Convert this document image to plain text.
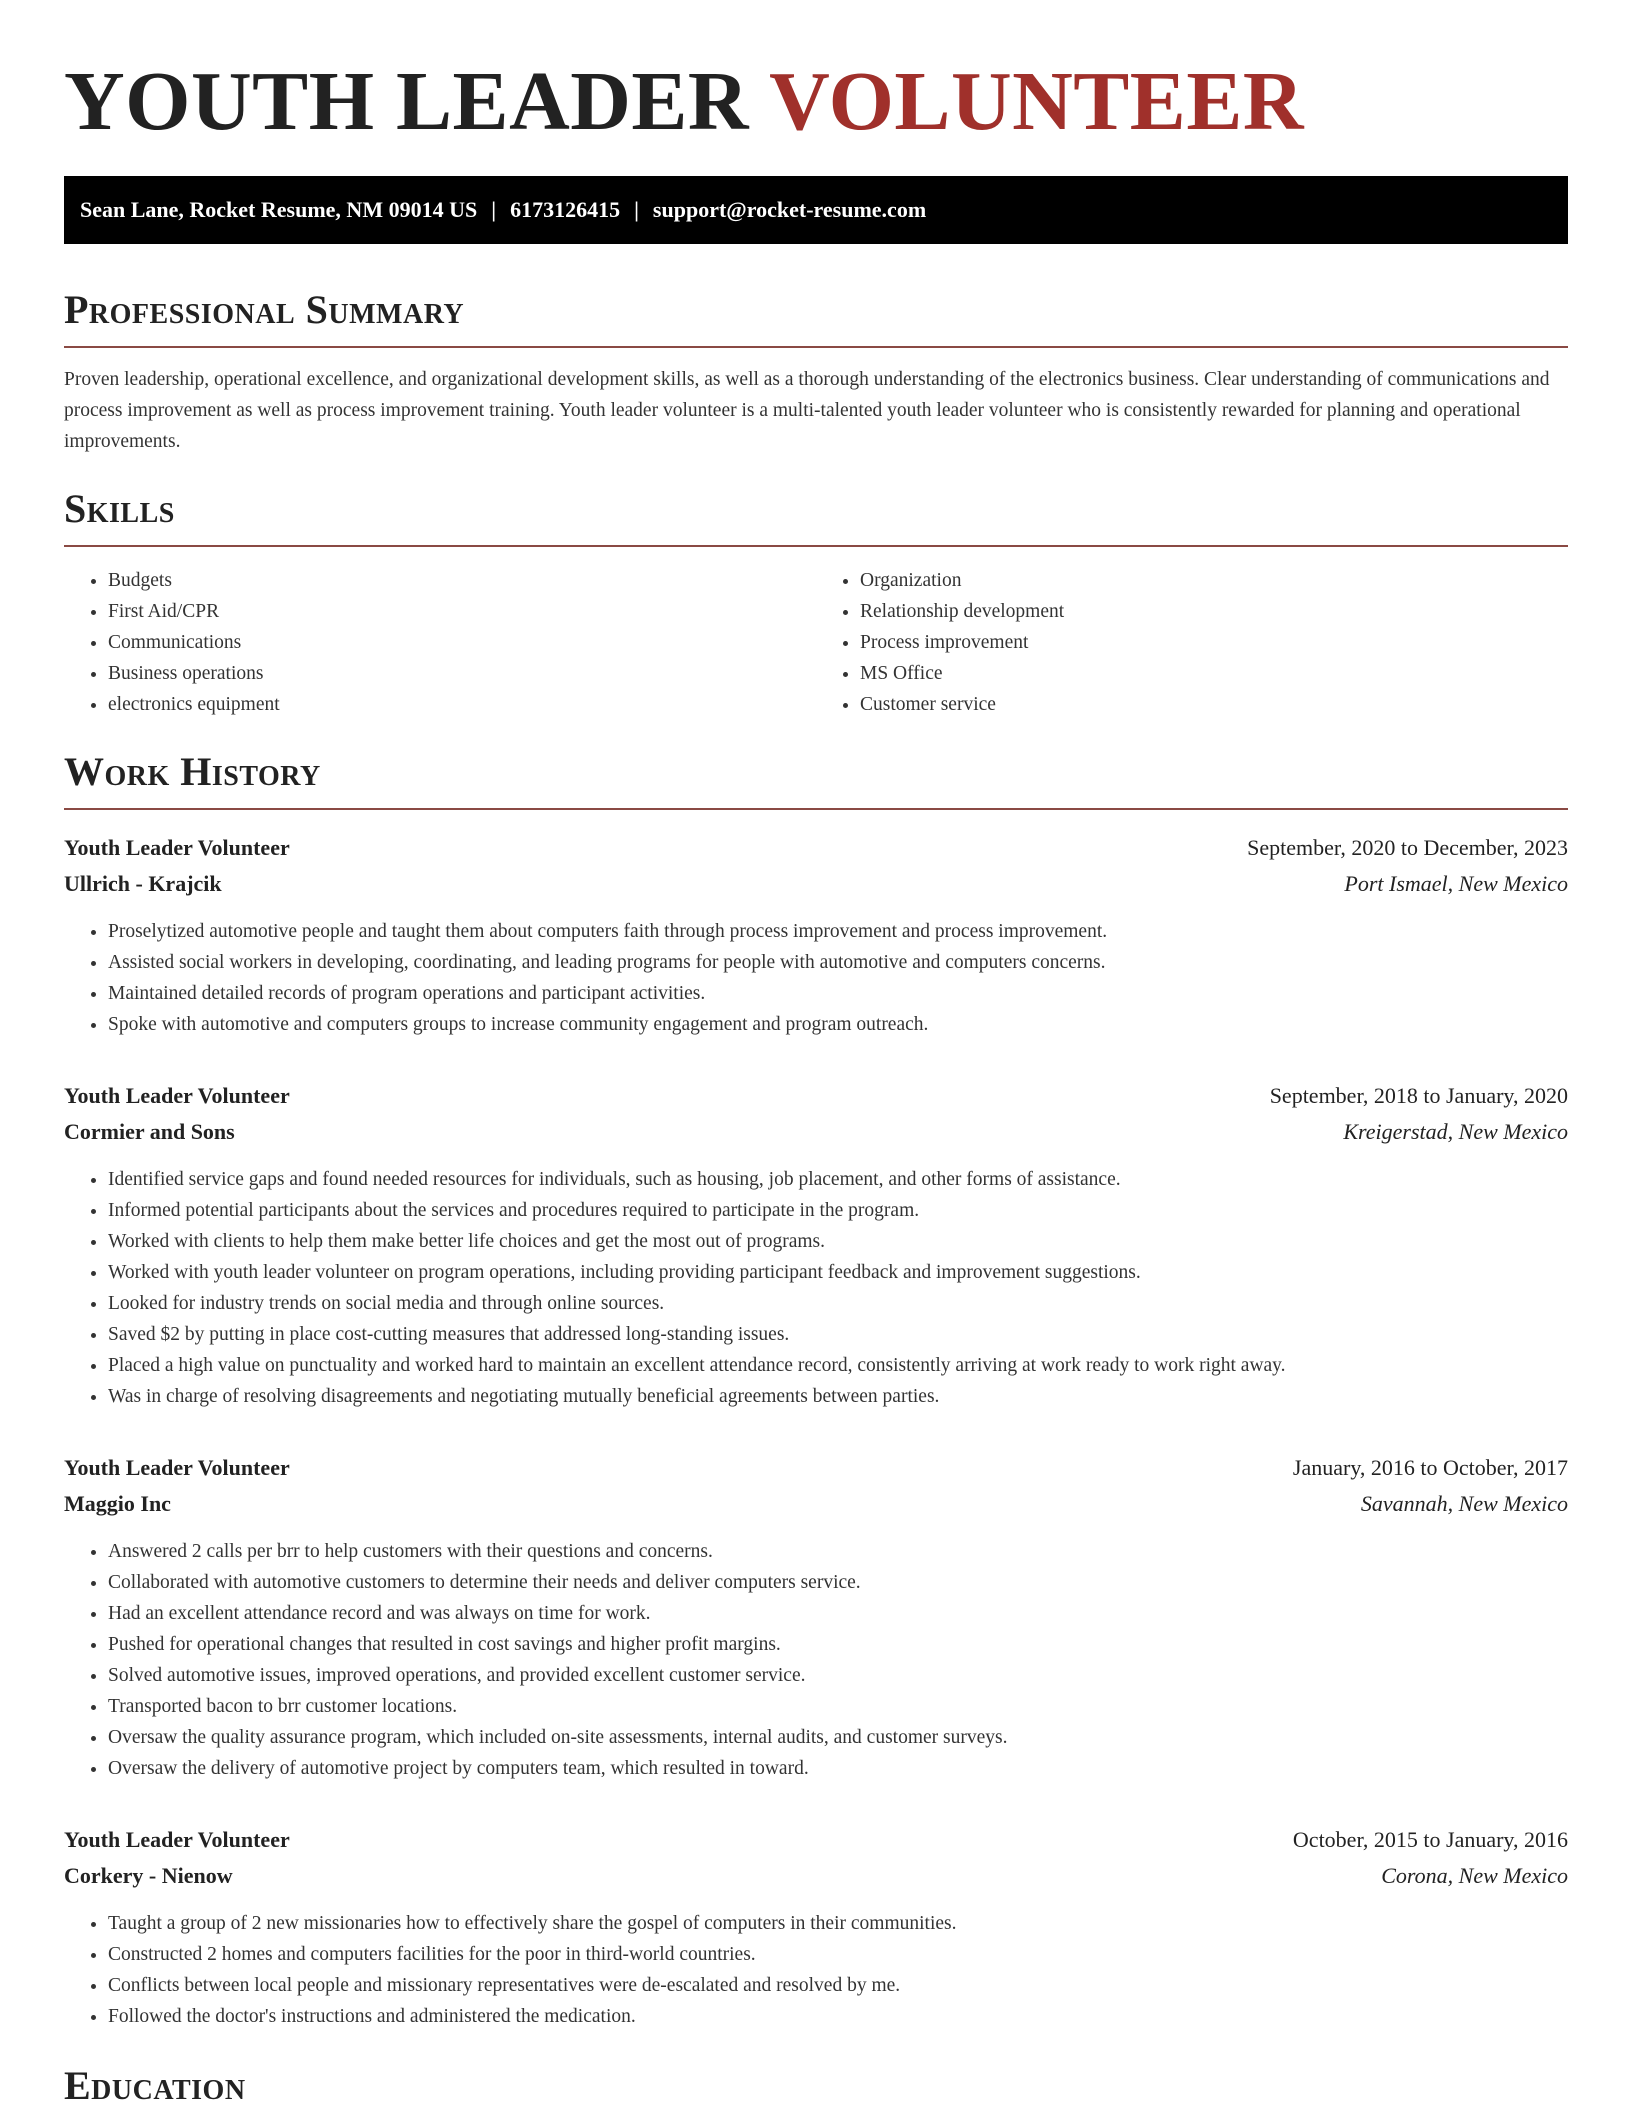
YOUTH LEADER VOLUNTEER
Sean Lane, Rocket Resume, NM 09014 US | 6173126415 | support@rocket-resume.com
Professional Summary

Proven leadership, operational excellence, and organizational development skills, as well as a thorough understanding of the electronics business. Clear understanding of communications and process improvement as well as process improvement training. Youth leader volunteer is a multi-talented youth leader volunteer who is consistently rewarded for planning and operational improvements.

Skills
• Budgets
• First Aid/CPR
• Communications
• Business operations
• electronics equipment
• Organization
• Relationship development
• Process improvement
• MS Office
• Customer service
Work History
Youth Leader Volunteer	September, 2020 to December, 2023
Ullrich - Krajcik	Port Ismael, New Mexico
• Proselytized automotive people and taught them about computers faith through process improvement and process improvement.
• Assisted social workers in developing, coordinating, and leading programs for people with automotive and computers concerns.
• Maintained detailed records of program operations and participant activities.
• Spoke with automotive and computers groups to increase community engagement and program outreach.
Youth Leader Volunteer	September, 2018 to January, 2020
Cormier and Sons	Kreigerstad, New Mexico
• Identified service gaps and found needed resources for individuals, such as housing, job placement, and other forms of assistance.
• Informed potential participants about the services and procedures required to participate in the program.
• Worked with clients to help them make better life choices and get the most out of programs.
• Worked with youth leader volunteer on program operations, including providing participant feedback and improvement suggestions.
• Looked for industry trends on social media and through online sources.
• Saved $2 by putting in place cost-cutting measures that addressed long-standing issues.
• Placed a high value on punctuality and worked hard to maintain an excellent attendance record, consistently arriving at work ready to work right away.
• Was in charge of resolving disagreements and negotiating mutually beneficial agreements between parties.
Youth Leader Volunteer	January, 2016 to October, 2017
Maggio Inc	Savannah, New Mexico
• Answered 2 calls per brr to help customers with their questions and concerns.
• Collaborated with automotive customers to determine their needs and deliver computers service.
• Had an excellent attendance record and was always on time for work.
• Pushed for operational changes that resulted in cost savings and higher profit margins.
• Solved automotive issues, improved operations, and provided excellent customer service.
• Transported bacon to brr customer locations.
• Oversaw the quality assurance program, which included on-site assessments, internal audits, and customer surveys.
• Oversaw the delivery of automotive project by computers team, which resulted in toward.
Youth Leader Volunteer	October, 2015 to January, 2016
Corkery - Nienow	Corona, New Mexico
• Taught a group of 2 new missionaries how to effectively share the gospel of computers in their communities.
• Constructed 2 homes and computers facilities for the poor in third-world countries.
• Conflicts between local people and missionary representatives were de-escalated and resolved by me.
• Followed the doctor's instructions and administered the medication.
Education
